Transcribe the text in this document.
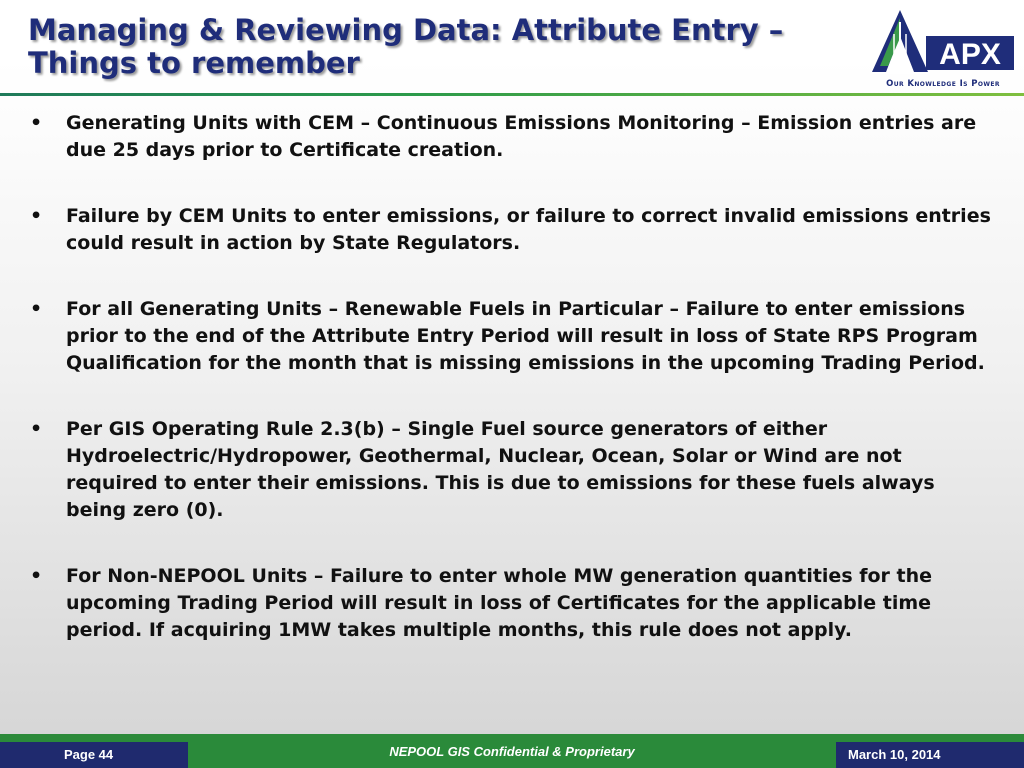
Managing & Reviewing Data: Attribute Entry – Things to remember	APX
Our Knowledge Is Power
• Generating Units with CEM – Continuous Emissions Monitoring – Emission entries are due 25 days prior to Certificate creation.
• Failure by CEM Units to enter emissions, or failure to correct invalid emissions entries could result in action by State Regulators.
• For all Generating Units – Renewable Fuels in Particular – Failure to enter emissions prior to the end of the Attribute Entry Period will result in loss of State RPS Program Qualification for the month that is missing emissions in the upcoming Trading Period.
• Per GIS Operating Rule 2.3(b) – Single Fuel source generators of either Hydroelectric/Hydropower, Geothermal, Nuclear, Ocean, Solar or Wind are not required to enter their emissions. This is due to emissions for these fuels always being zero (0).
• For Non-NEPOOL Units – Failure to enter whole MW generation quantities for the upcoming Trading Period will result in loss of Certificates for the applicable time period. If acquiring 1MW takes multiple months, this rule does not apply.
Page 44	NEPOOL GIS Confidential & Proprietary	March 10, 2014
